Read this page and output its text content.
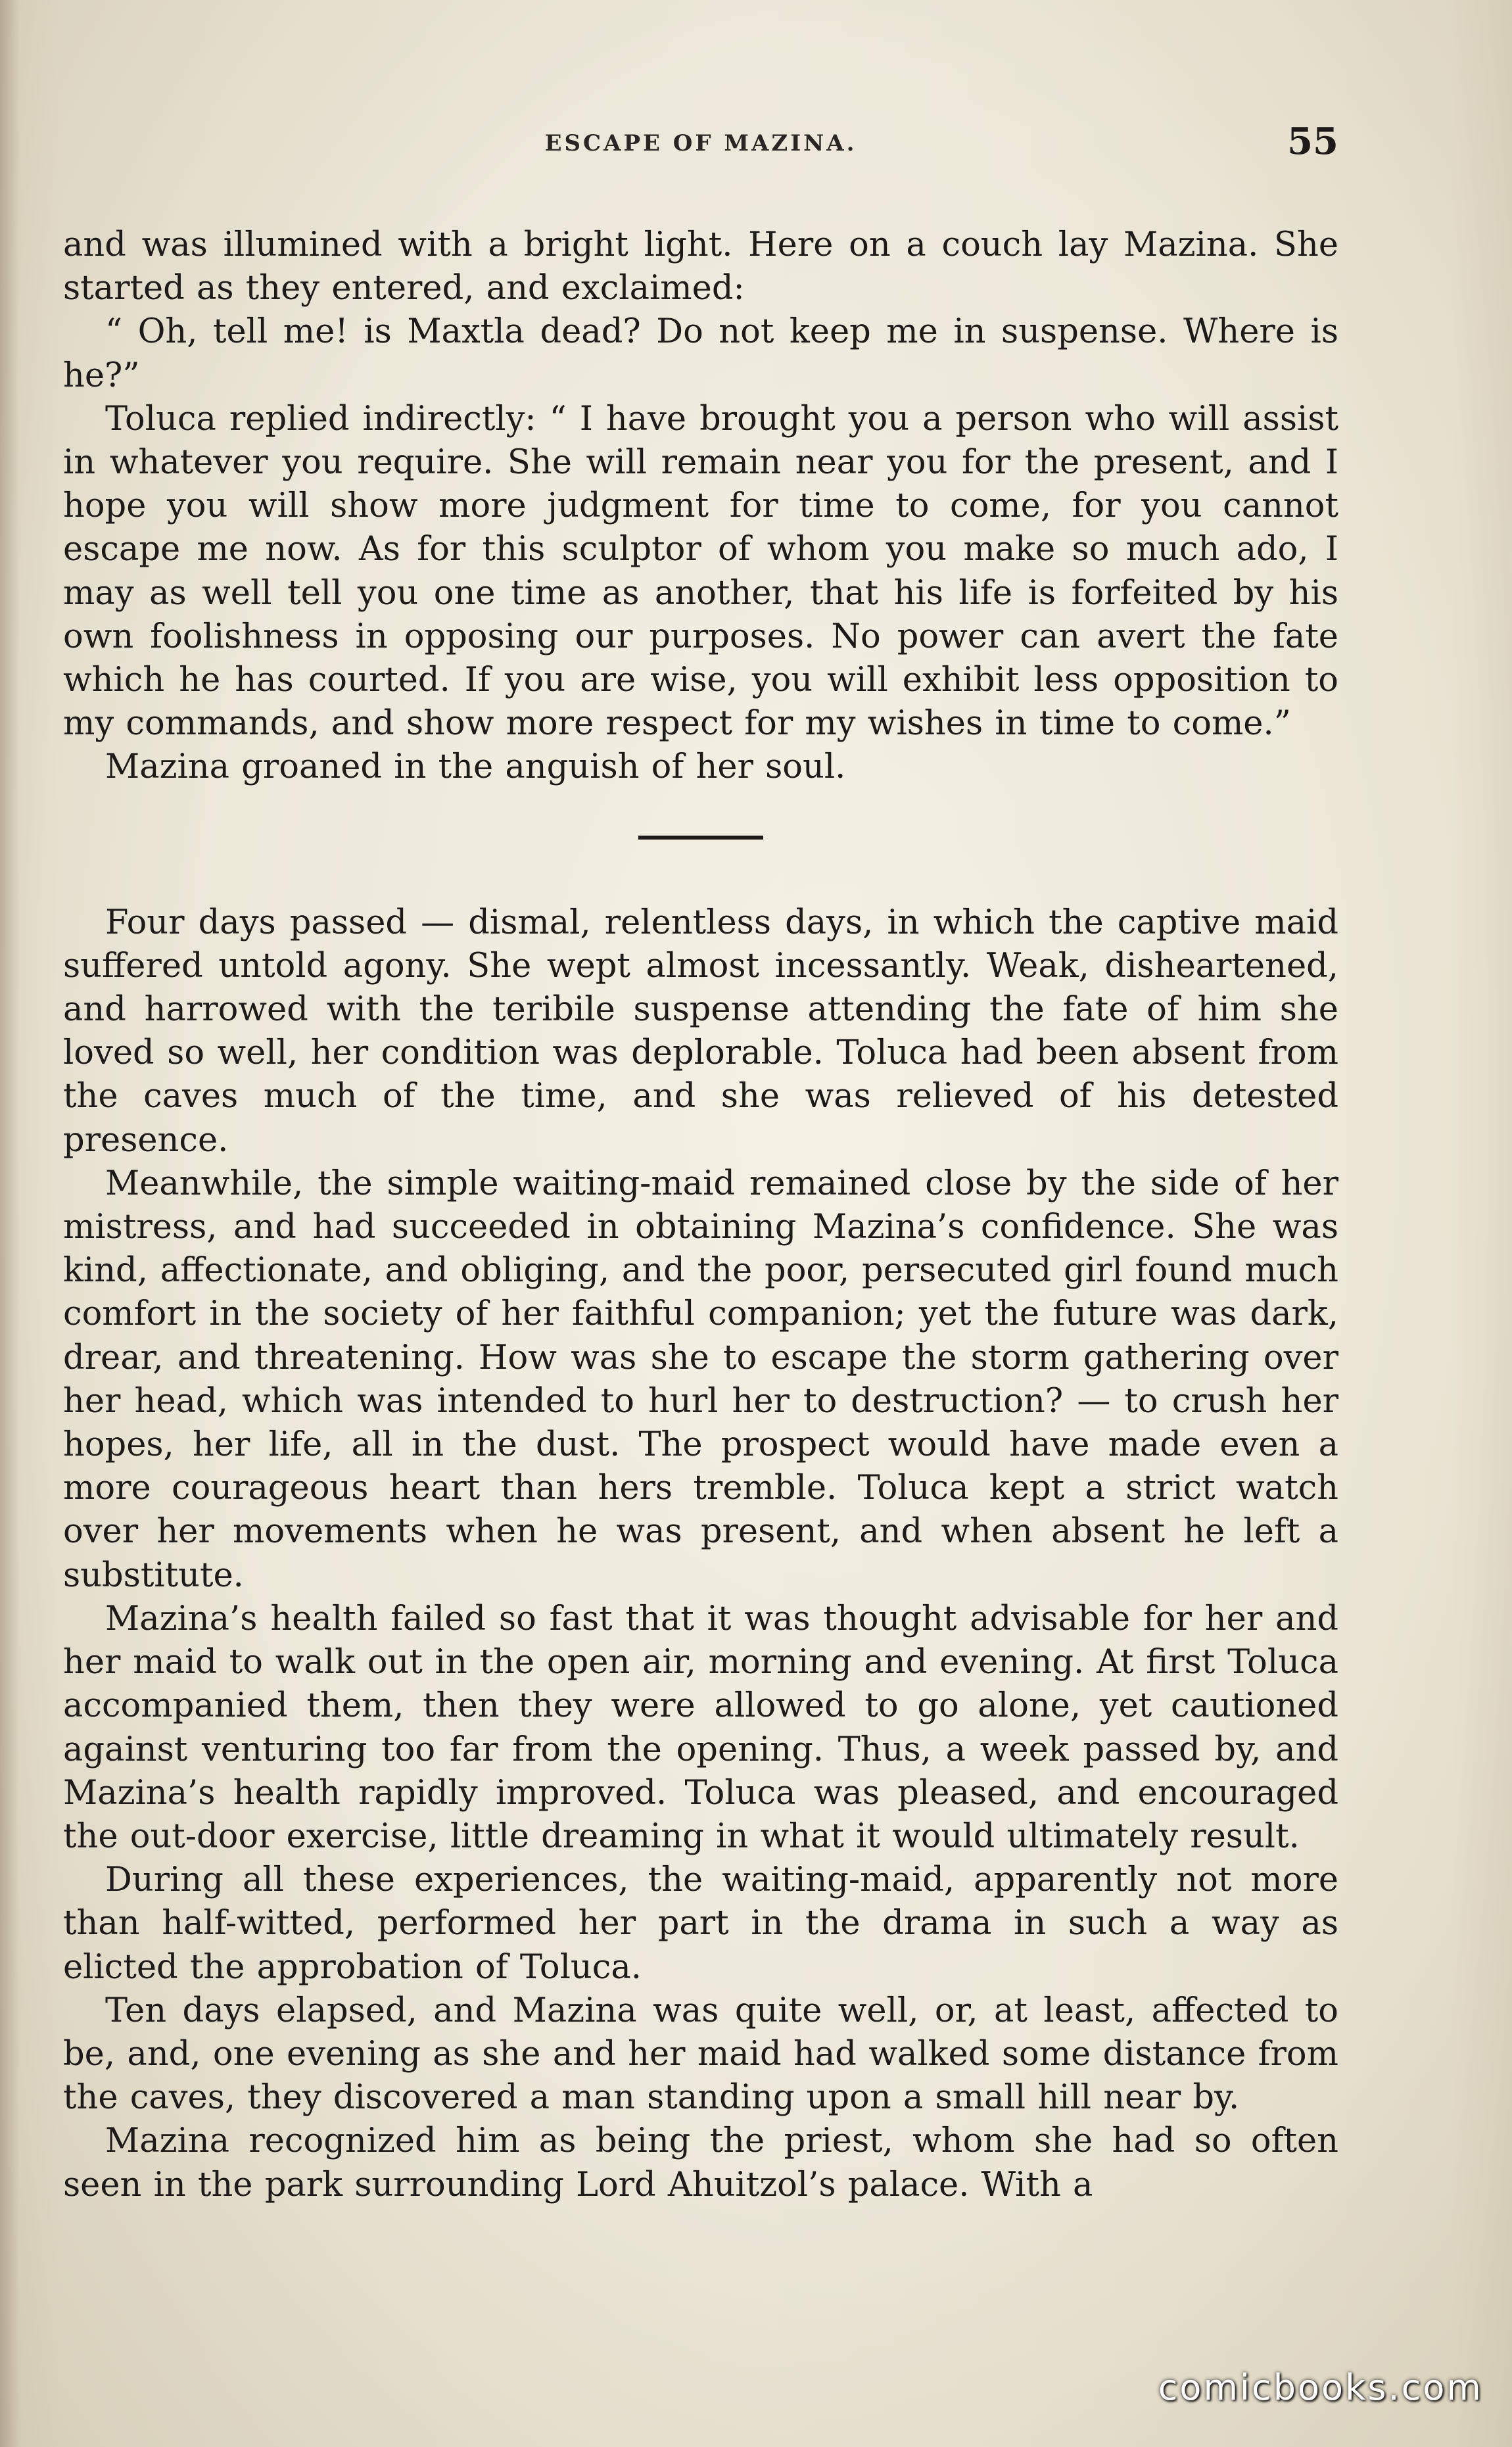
ESCAPE OF MAZINA.	55

and was illumined with a bright light. Here on a couch lay Mazina. She started as they entered, and exclaimed:

“ Oh, tell me! is Maxtla dead? Do not keep me in suspense. Where is he?”

Toluca replied indirectly: “ I have brought you a person who will assist in whatever you require. She will remain near you for the present, and I hope you will show more judgment for time to come, for you cannot escape me now. As for this sculptor of whom you make so much ado, I may as well tell you one time as another, that his life is forfeited by his own foolishness in opposing our purposes. No power can avert the fate which he has courted. If you are wise, you will exhibit less opposition to my commands, and show more respect for my wishes in time to come.”

Mazina groaned in the anguish of her soul.

Four days passed — dismal, relentless days, in which the captive maid suffered untold agony. She wept almost incessantly. Weak, disheartened, and harrowed with the teribile suspense attending the fate of him she loved so well, her condition was deplorable. Toluca had been absent from the caves much of the time, and she was relieved of his detested presence.

Meanwhile, the simple waiting-maid remained close by the side of her mistress, and had succeeded in obtaining Mazina’s confidence. She was kind, affectionate, and obliging, and the poor, persecuted girl found much comfort in the society of her faithful companion; yet the future was dark, drear, and threatening. How was she to escape the storm gathering over her head, which was intended to hurl her to destruction? — to crush her hopes, her life, all in the dust. The prospect would have made even a more courageous heart than hers tremble. Toluca kept a strict watch over her movements when he was present, and when absent he left a substitute.

Mazina’s health failed so fast that it was thought advisable for her and her maid to walk out in the open air, morning and evening. At first Toluca accompanied them, then they were allowed to go alone, yet cautioned against venturing too far from the opening. Thus, a week passed by, and Mazina’s health rapidly improved. Toluca was pleased, and encouraged the out-door exercise, little dreaming in what it would ultimately result.

During all these experiences, the waiting-maid, apparently not more than half-witted, performed her part in the drama in such a way as elicted the approbation of Toluca.

Ten days elapsed, and Mazina was quite well, or, at least, affected to be, and, one evening as she and her maid had walked some distance from the caves, they discovered a man standing upon a small hill near by.

Mazina recognized him as being the priest, whom she had so often seen in the park surrounding Lord Ahuitzol’s palace. With a

comicbooks.com
